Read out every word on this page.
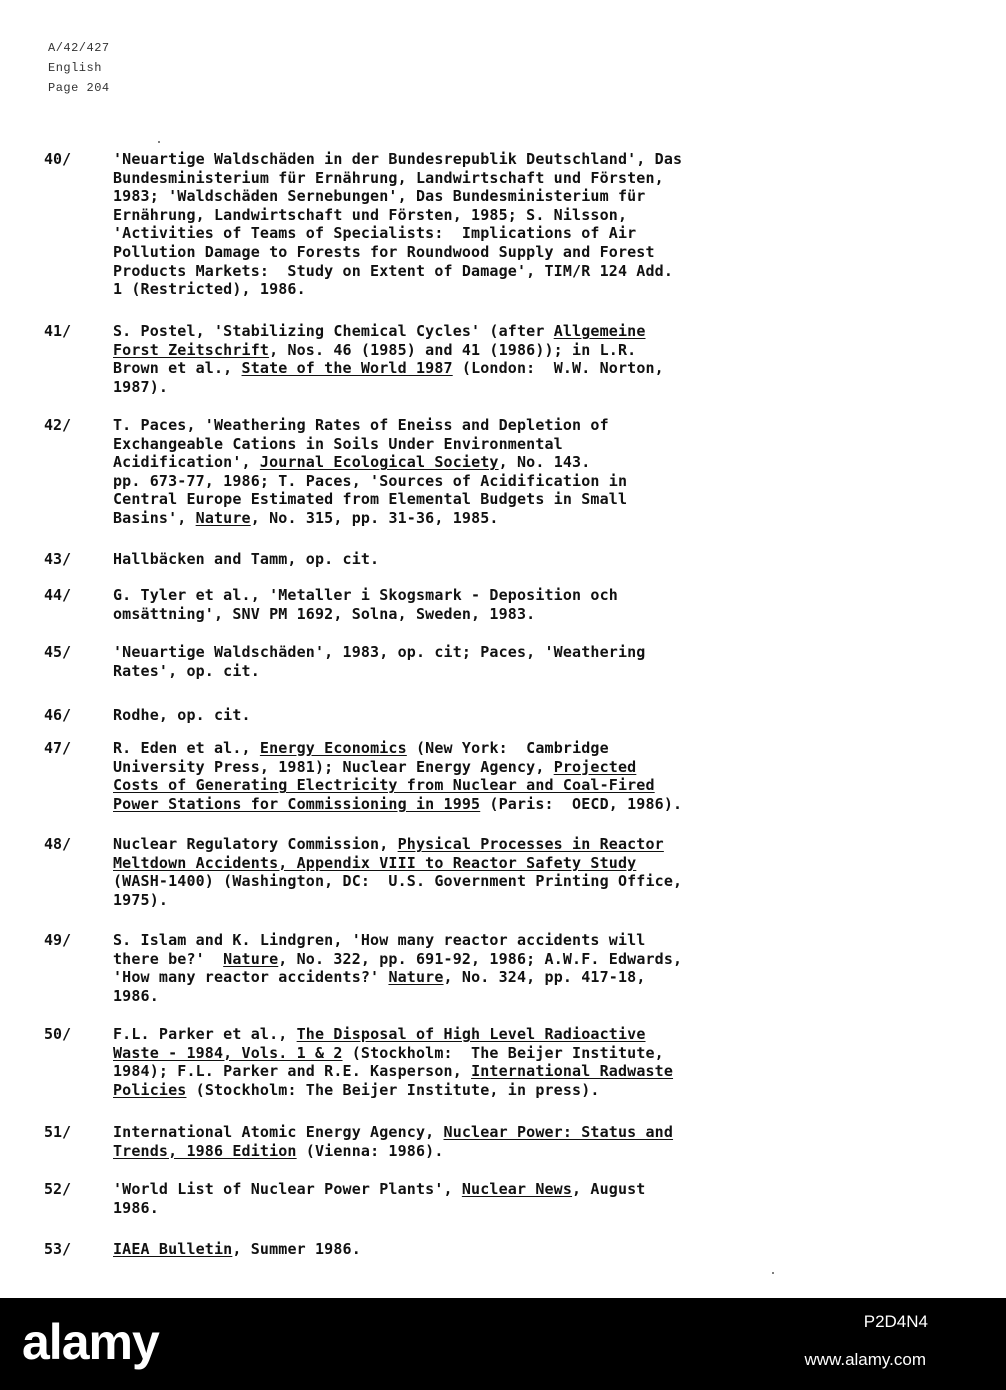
A/42/427
English
Page 204
40/	'Neuartige Waldschäden in der Bundesrepublik Deutschland', Das
Bundesministerium für Ernährung, Landwirtschaft und Försten,
1983; 'Waldschäden Sernebungen', Das Bundesministerium für
Ernährung, Landwirtschaft und Försten, 1985; S. Nilsson,
'Activities of Teams of Specialists:  Implications of Air
Pollution Damage to Forests for Roundwood Supply and Forest
Products Markets:  Study on Extent of Damage', TIM/R 124 Add.
1 (Restricted), 1986.
41/	S. Postel, 'Stabilizing Chemical Cycles' (after Allgemeine
Forst Zeitschrift, Nos. 46 (1985) and 41 (1986)); in L.R.
Brown et al., State of the World 1987 (London:  W.W. Norton,
1987).
42/	T. Paces, 'Weathering Rates of Eneiss and Depletion of
Exchangeable Cations in Soils Under Environmental
Acidification', Journal Ecological Society, No. 143.
pp. 673-77, 1986; T. Paces, 'Sources of Acidification in
Central Europe Estimated from Elemental Budgets in Small
Basins', Nature, No. 315, pp. 31-36, 1985.
43/	Hallbäcken and Tamm, op. cit.
44/	G. Tyler et al., 'Metaller i Skogsmark - Deposition och
omsättning', SNV PM 1692, Solna, Sweden, 1983.
45/	'Neuartige Waldschäden', 1983, op. cit; Paces, 'Weathering
Rates', op. cit.
46/	Rodhe, op. cit.
47/	R. Eden et al., Energy Economics (New York:  Cambridge
University Press, 1981); Nuclear Energy Agency, Projected
Costs of Generating Electricity from Nuclear and Coal-Fired
Power Stations for Commissioning in 1995 (Paris:  OECD, 1986).
48/	Nuclear Regulatory Commission, Physical Processes in Reactor
Meltdown Accidents, Appendix VIII to Reactor Safety Study
(WASH-1400) (Washington, DC:  U.S. Government Printing Office,
1975).
49/	S. Islam and K. Lindgren, 'How many reactor accidents will
there be?'  Nature, No. 322, pp. 691-92, 1986; A.W.F. Edwards,
'How many reactor accidents?' Nature, No. 324, pp. 417-18,
1986.
50/	F.L. Parker et al., The Disposal of High Level Radioactive
Waste - 1984, Vols. 1 & 2 (Stockholm:  The Beijer Institute,
1984); F.L. Parker and R.E. Kasperson, International Radwaste
Policies (Stockholm: The Beijer Institute, in press).
51/	International Atomic Energy Agency, Nuclear Power: Status and
Trends, 1986 Edition (Vienna: 1986).
52/	'World List of Nuclear Power Plants', Nuclear News, August
1986.
53/	IAEA Bulletin, Summer 1986.
alamy	P2D4N4
www.alamy.com
